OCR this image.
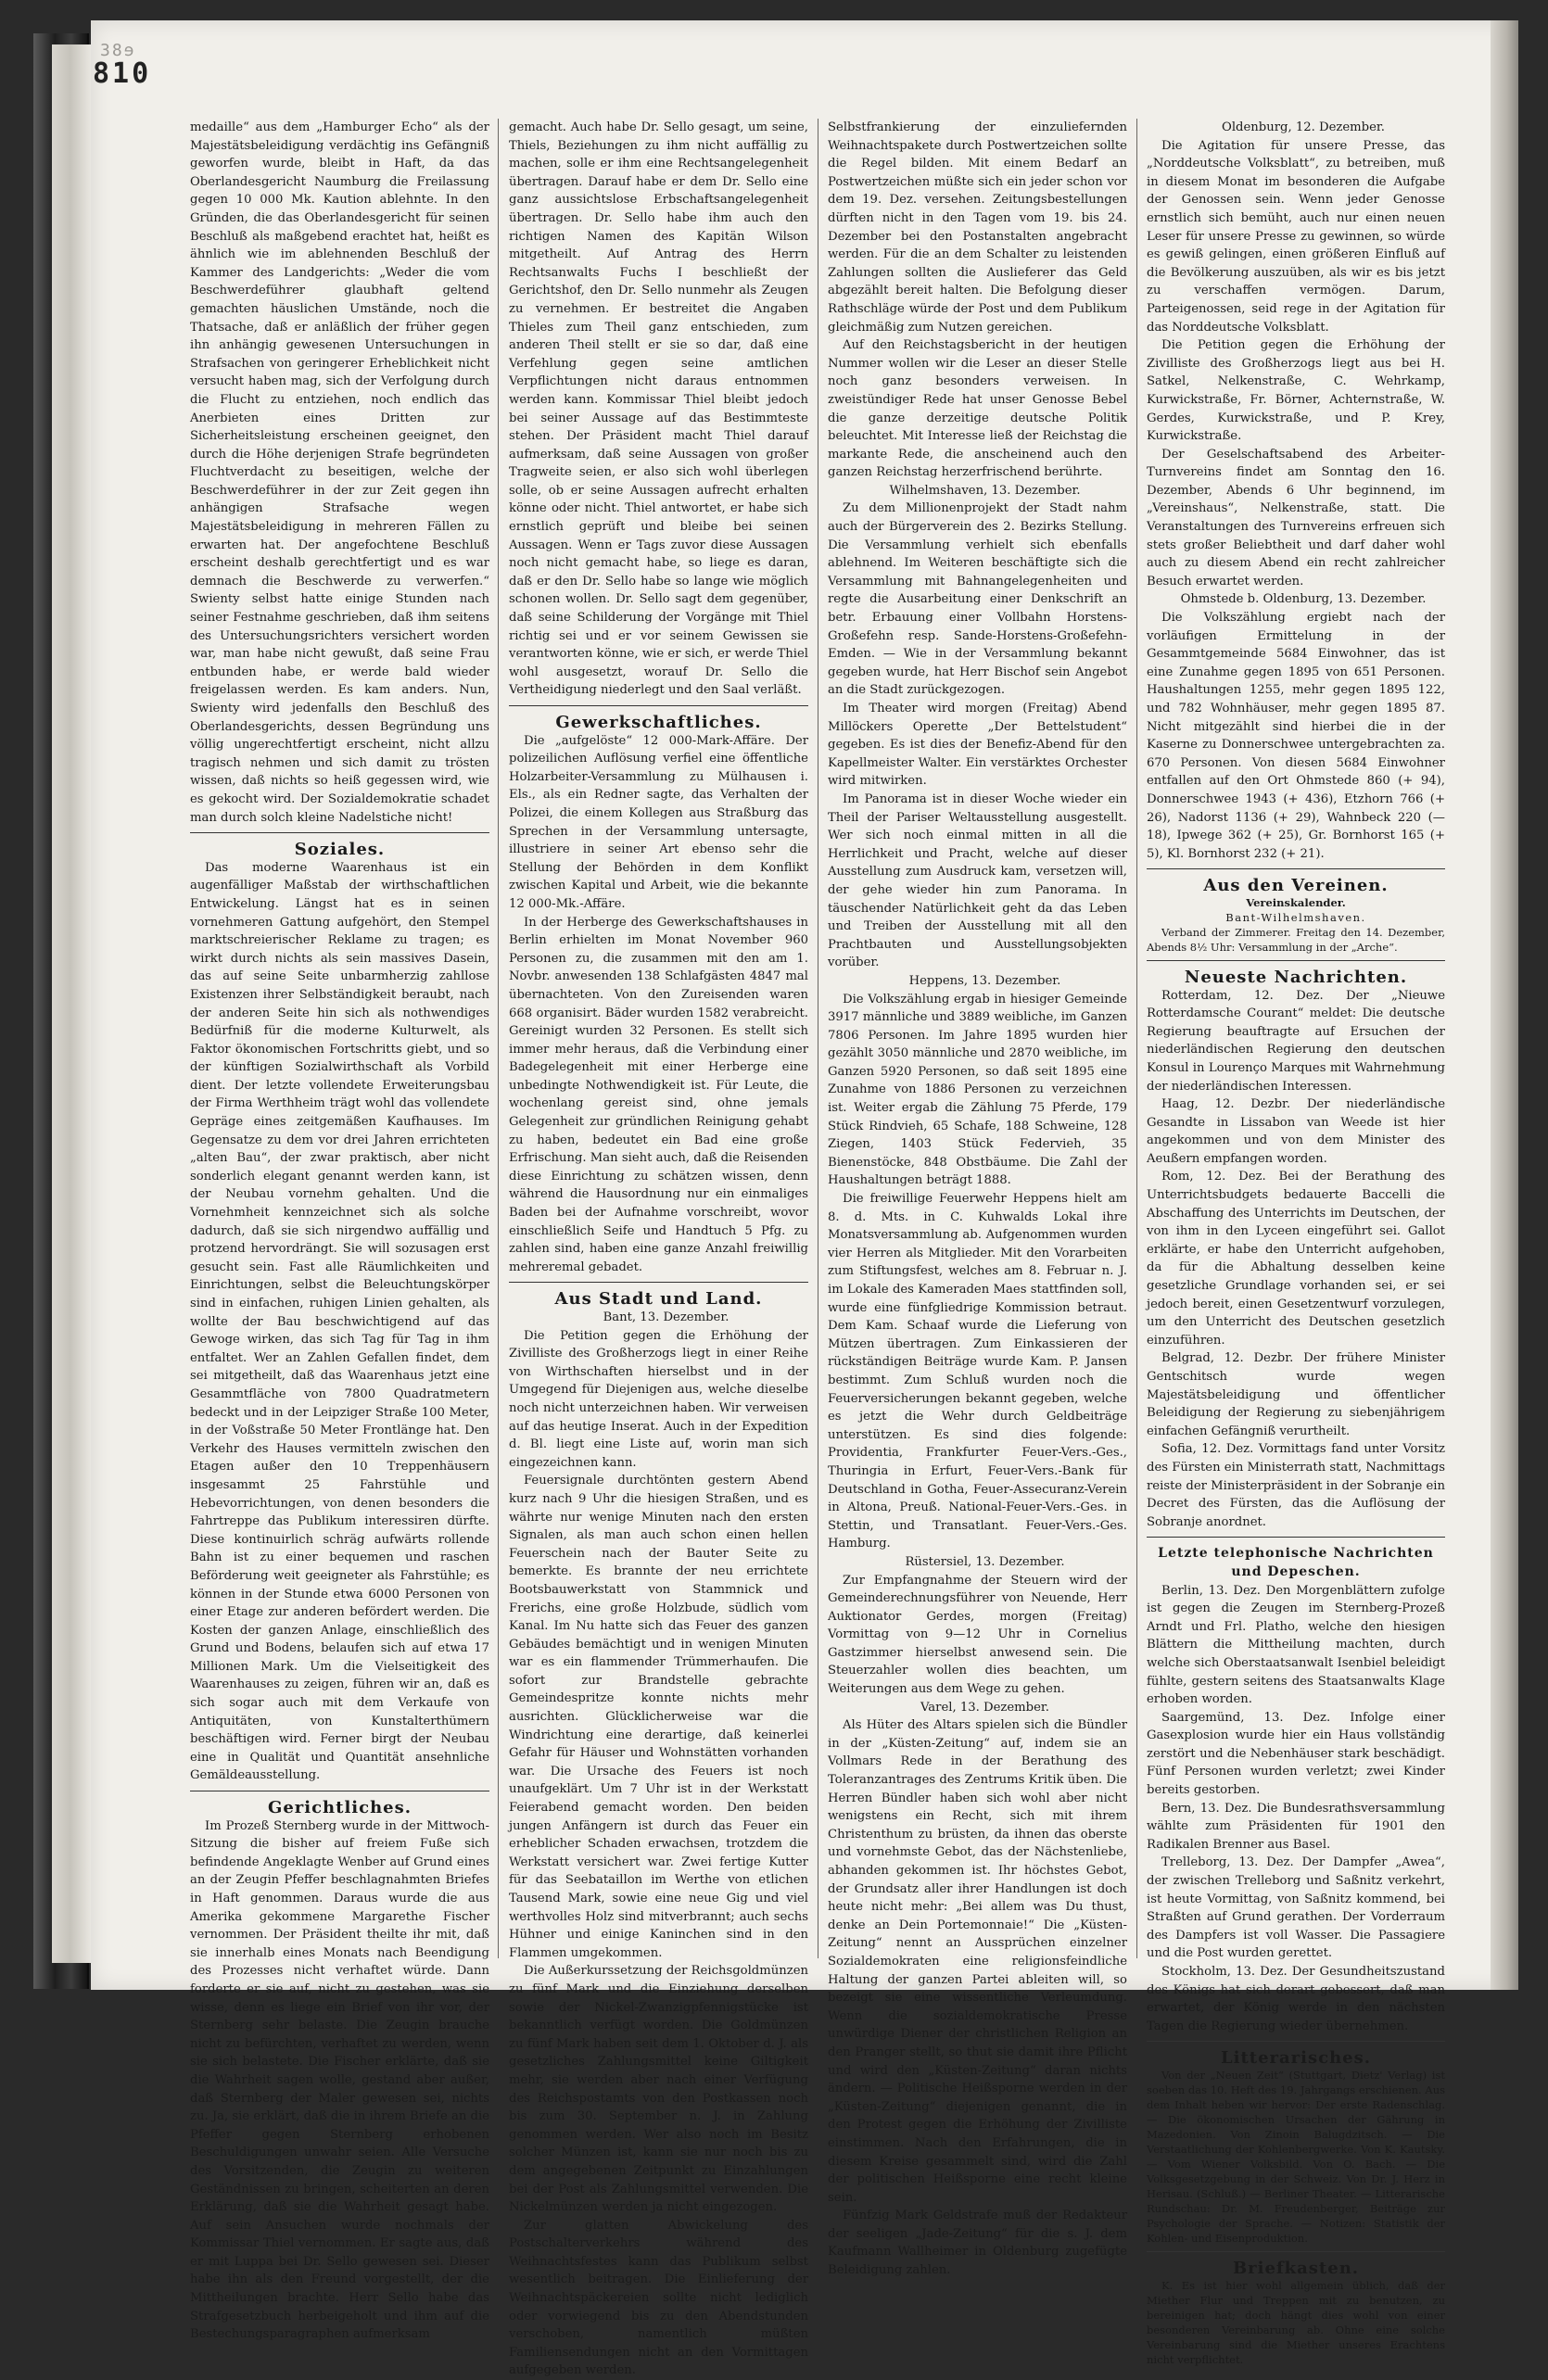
38ɘ
810

medaille“ aus dem „Hamburger Echo“ als der Majestätsbeleidigung verdächtig ins Gefängniß geworfen wurde, bleibt in Haft, da das Oberlandesgericht Naumburg die Freilassung gegen 10 000 Mk. Kaution ablehnte. In den Gründen, die das Oberlandesgericht für seinen Beschluß als maßgebend erachtet hat, heißt es ähnlich wie im ablehnenden Beschluß der Kammer des Landgerichts: „Weder die vom Beschwerdeführer glaubhaft geltend gemachten häuslichen Umstände, noch die Thatsache, daß er anläßlich der früher gegen ihn anhängig gewesenen Untersuchungen in Strafsachen von geringerer Erheblichkeit nicht versucht haben mag, sich der Verfolgung durch die Flucht zu entziehen, noch endlich das Anerbieten eines Dritten zur Sicherheitsleistung erscheinen geeignet, den durch die Höhe derjenigen Strafe begründeten Fluchtverdacht zu beseitigen, welche der Beschwerdeführer in der zur Zeit gegen ihn anhängigen Strafsache wegen Majestätsbeleidigung in mehreren Fällen zu erwarten hat. Der angefochtene Beschluß erscheint deshalb gerechtfertigt und es war demnach die Beschwerde zu verwerfen.“ Swienty selbst hatte einige Stunden nach seiner Festnahme geschrieben, daß ihm seitens des Untersuchungsrichters versichert worden war, man habe nicht gewußt, daß seine Frau entbunden habe, er werde bald wieder freigelassen werden. Es kam anders. Nun, Swienty wird jedenfalls den Beschluß des Oberlandesgerichts, dessen Begründung uns völlig ungerechtfertigt erscheint, nicht allzu tragisch nehmen und sich damit zu trösten wissen, daß nichts so heiß gegessen wird, wie es gekocht wird. Der Sozialdemokratie schadet man durch solch kleine Nadelstiche nicht!

Soziales.

Das moderne Waarenhaus ist ein augenfälliger Maßstab der wirthschaftlichen Entwickelung. Längst hat es in seinen vornehmeren Gattung aufgehört, den Stempel marktschreierischer Reklame zu tragen; es wirkt durch nichts als sein massives Dasein, das auf seine Seite unbarmherzig zahllose Existenzen ihrer Selbständigkeit beraubt, nach der anderen Seite hin sich als nothwendiges Bedürfniß für die moderne Kulturwelt, als Faktor ökonomischen Fortschritts giebt, und so der künftigen Sozialwirthschaft als Vorbild dient. Der letzte vollendete Erweiterungsbau der Firma Werthheim trägt wohl das vollendete Gepräge eines zeitgemäßen Kaufhauses. Im Gegensatze zu dem vor drei Jahren errichteten „alten Bau“, der zwar praktisch, aber nicht sonderlich elegant genannt werden kann, ist der Neubau vornehm gehalten. Und die Vornehmheit kennzeichnet sich als solche dadurch, daß sie sich nirgendwo auffällig und protzend hervordrängt. Sie will sozusagen erst gesucht sein. Fast alle Räumlichkeiten und Einrichtungen, selbst die Beleuchtungskörper sind in einfachen, ruhigen Linien gehalten, als wollte der Bau beschwichtigend auf das Gewoge wirken, das sich Tag für Tag in ihm entfaltet. Wer an Zahlen Gefallen findet, dem sei mitgetheilt, daß das Waarenhaus jetzt eine Gesammtfläche von 7800 Quadratmetern bedeckt und in der Leipziger Straße 100 Meter, in der Voßstraße 50 Meter Frontlänge hat. Den Verkehr des Hauses vermitteln zwischen den Etagen außer den 10 Treppenhäusern insgesammt 25 Fahrstühle und Hebevorrichtungen, von denen besonders die Fahrtreppe das Publikum interessiren dürfte. Diese kontinuirlich schräg aufwärts rollende Bahn ist zu einer bequemen und raschen Beförderung weit geeigneter als Fahrstühle; es können in der Stunde etwa 6000 Personen von einer Etage zur anderen befördert werden. Die Kosten der ganzen Anlage, einschließlich des Grund und Bodens, belaufen sich auf etwa 17 Millionen Mark. Um die Vielseitigkeit des Waarenhauses zu zeigen, führen wir an, daß es sich sogar auch mit dem Verkaufe von Antiquitäten, von Kunstalterthümern beschäftigen wird. Ferner birgt der Neubau eine in Qualität und Quantität ansehnliche Gemäldeausstellung.

Gerichtliches.

Im Prozeß Sternberg wurde in der Mittwoch-Sitzung die bisher auf freiem Fuße sich befindende Angeklagte Wenber auf Grund eines an der Zeugin Pfeffer beschlagnahmten Briefes in Haft genommen. Daraus wurde die aus Amerika gekommene Margarethe Fischer vernommen. Der Präsident theilte ihr mit, daß sie innerhalb eines Monats nach Beendigung des Prozesses nicht verhaftet würde. Dann forderte er sie auf, nicht zu gestehen, was sie wisse, denn es liege ein Brief von ihr vor, der Sternberg sehr belaste. Die Zeugin brauche nicht zu befürchten, verhaftet zu werden, wenn sie sich belastete. Die Fischer erklärte, daß sie die Wahrheit sagen wolle, gestand aber außer, daß Sternberg der Maler gewesen sei, nichts zu. Ja, sie erklärt, daß die in ihrem Briefe an die Pfeffer gegen Sternberg erhobenen Beschuldigungen unwahr seien. Alle Versuche des Vorsitzenden, die Zeugin zu weiteren Geständnissen zu bringen, scheiterten an deren Erklärung, daß sie die Wahrheit gesagt habe. Auf sein Ansuchen wurde nochmals der Kommissar Thiel vernommen. Er sagte aus, daß er mit Luppa bei Dr. Sello gewesen sei. Dieser habe ihn als den Freund vorgestellt, der die Mittheilungen brachte. Herr Sello habe das Strafgesetzbuch herbeigeholt und ihm auf die Bestechungsparagraphen aufmerksam

gemacht. Auch habe Dr. Sello gesagt, um seine, Thiels, Beziehungen zu ihm nicht auffällig zu machen, solle er ihm eine Rechtsangelegenheit übertragen. Darauf habe er dem Dr. Sello eine ganz aussichtslose Erbschaftsangelegenheit übertragen. Dr. Sello habe ihm auch den richtigen Namen des Kapitän Wilson mitgetheilt. Auf Antrag des Herrn Rechtsanwalts Fuchs I beschließt der Gerichtshof, den Dr. Sello nunmehr als Zeugen zu vernehmen. Er bestreitet die Angaben Thieles zum Theil ganz entschieden, zum anderen Theil stellt er sie so dar, daß eine Verfehlung gegen seine amtlichen Verpflichtungen nicht daraus entnommen werden kann. Kommissar Thiel bleibt jedoch bei seiner Aussage auf das Bestimmteste stehen. Der Präsident macht Thiel darauf aufmerksam, daß seine Aussagen von großer Tragweite seien, er also sich wohl überlegen solle, ob er seine Aussagen aufrecht erhalten könne oder nicht. Thiel antwortet, er habe sich ernstlich geprüft und bleibe bei seinen Aussagen. Wenn er Tags zuvor diese Aussagen noch nicht gemacht habe, so liege es daran, daß er den Dr. Sello habe so lange wie möglich schonen wollen. Dr. Sello sagt dem gegenüber, daß seine Schilderung der Vorgänge mit Thiel richtig sei und er vor seinem Gewissen sie verantworten könne, wie er sich, er werde Thiel wohl ausgesetzt, worauf Dr. Sello die Vertheidigung niederlegt und den Saal verläßt.

Gewerkschaftliches.

Die „aufgelöste“ 12 000-Mark-Affäre. Der polizeilichen Auflösung verfiel eine öffentliche Holzarbeiter-Versammlung zu Mülhausen i. Els., als ein Redner sagte, das Verhalten der Polizei, die einem Kollegen aus Straßburg das Sprechen in der Versammlung untersagte, illustriere in seiner Art ebenso sehr die Stellung der Behörden in dem Konflikt zwischen Kapital und Arbeit, wie die bekannte 12 000-Mk.-Affäre.

In der Herberge des Gewerkschaftshauses in Berlin erhielten im Monat November 960 Personen zu, die zusammen mit den am 1. Novbr. anwesenden 138 Schlafgästen 4847 mal übernachteten. Von den Zureisenden waren 668 organisirt. Bäder wurden 1582 verabreicht. Gereinigt wurden 32 Personen. Es stellt sich immer mehr heraus, daß die Verbindung einer Badegelegenheit mit einer Herberge eine unbedingte Nothwendigkeit ist. Für Leute, die wochenlang gereist sind, ohne jemals Gelegenheit zur gründlichen Reinigung gehabt zu haben, bedeutet ein Bad eine große Erfrischung. Man sieht auch, daß die Reisenden diese Einrichtung zu schätzen wissen, denn während die Hausordnung nur ein einmaliges Baden bei der Aufnahme vorschreibt, wovor einschließlich Seife und Handtuch 5 Pfg. zu zahlen sind, haben eine ganze Anzahl freiwillig mehreremal gebadet.

Aus Stadt und Land.

Bant, 13. Dezember.

Die Petition gegen die Erhöhung der Zivilliste des Großherzogs liegt in einer Reihe von Wirthschaften hierselbst und in der Umgegend für Diejenigen aus, welche dieselbe noch nicht unterzeichnen haben. Wir verweisen auf das heutige Inserat. Auch in der Expedition d. Bl. liegt eine Liste auf, worin man sich eingezeichnen kann.

Feuersignale durchtönten gestern Abend kurz nach 9 Uhr die hiesigen Straßen, und es währte nur wenige Minuten nach den ersten Signalen, als man auch schon einen hellen Feuerschein nach der Bauter Seite zu bemerkte. Es brannte der neu errichtete Bootsbauwerkstatt von Stammnick und Frerichs, eine große Holzbude, südlich vom Kanal. Im Nu hatte sich das Feuer des ganzen Gebäudes bemächtigt und in wenigen Minuten war es ein flammender Trümmerhaufen. Die sofort zur Brandstelle gebrachte Gemeindespritze konnte nichts mehr ausrichten. Glücklicherweise war die Windrichtung eine derartige, daß keinerlei Gefahr für Häuser und Wohnstätten vorhanden war. Die Ursache des Feuers ist noch unaufgeklärt. Um 7 Uhr ist in der Werkstatt Feierabend gemacht worden. Den beiden jungen Anfängern ist durch das Feuer ein erheblicher Schaden erwachsen, trotzdem die Werkstatt versichert war. Zwei fertige Kutter für das Seebataillon im Werthe von etlichen Tausend Mark, sowie eine neue Gig und viel werthvolles Holz sind mitverbrannt; auch sechs Hühner und einige Kaninchen sind in den Flammen umgekommen.

Die Außerkurssetzung der Reichsgoldmünzen zu fünf Mark und die Einziehung derselben sowie der Nickel-Zwanzigpfennigstücke ist bekanntlich verfügt worden. Die Goldmünzen zu fünf Mark haben seit dem 1. Oktober d. J. als gesetzliches Zahlungsmittel keine Giltigkeit mehr, sie werden aber nach einer Verfügung des Reichspostamts von den Postkassen noch bis zum 30. September n. J. in Zahlung genommen werden. Wer also noch im Besitz solcher Münzen ist, kann sie nur noch bis zu dem angegebenen Zeitpunkt zu Einzahlungen bei der Post als Zahlungsmittel verwenden. Die Nickelmünzen werden ja nicht eingezogen.

Zur glatten Abwickelung des Postschalterverkehrs während des Weihnachtsfestes kann das Publikum selbst wesentlich beitragen. Die Einlieferung der Weihnachtspäckereien sollte nicht lediglich oder vorwiegend bis zu den Abendstunden verschoben, namentlich müßten Familiensendungen nicht an den Vormittagen aufgegeben werden.

Selbstfrankierung der einzuliefernden Weihnachtspakete durch Postwertzeichen sollte die Regel bilden. Mit einem Bedarf an Postwertzeichen müßte sich ein jeder schon vor dem 19. Dez. versehen. Zeitungsbestellungen dürften nicht in den Tagen vom 19. bis 24. Dezember bei den Postanstalten angebracht werden. Für die an dem Schalter zu leistenden Zahlungen sollten die Auslieferer das Geld abgezählt bereit halten. Die Befolgung dieser Rathschläge würde der Post und dem Publikum gleichmäßig zum Nutzen gereichen.

Auf den Reichstagsbericht in der heutigen Nummer wollen wir die Leser an dieser Stelle noch ganz besonders verweisen. In zweistündiger Rede hat unser Genosse Bebel die ganze derzeitige deutsche Politik beleuchtet. Mit Interesse ließ der Reichstag die markante Rede, die anscheinend auch den ganzen Reichstag herzerfrischend berührte.

Wilhelmshaven, 13. Dezember.

Zu dem Millionenprojekt der Stadt nahm auch der Bürgerverein des 2. Bezirks Stellung. Die Versammlung verhielt sich ebenfalls ablehnend. Im Weiteren beschäftigte sich die Versammlung mit Bahnangelegenheiten und regte die Ausarbeitung einer Denkschrift an betr. Erbauung einer Vollbahn Horstens-Großefehn resp. Sande-Horstens-Großefehn-Emden. — Wie in der Versammlung bekannt gegeben wurde, hat Herr Bischof sein Angebot an die Stadt zurückgezogen.

Im Theater wird morgen (Freitag) Abend Millöckers Operette „Der Bettelstudent“ gegeben. Es ist dies der Benefiz-Abend für den Kapellmeister Walter. Ein verstärktes Orchester wird mitwirken.

Im Panorama ist in dieser Woche wieder ein Theil der Pariser Weltausstellung ausgestellt. Wer sich noch einmal mitten in all die Herrlichkeit und Pracht, welche auf dieser Ausstellung zum Ausdruck kam, versetzen will, der gehe wieder hin zum Panorama. In täuschender Natürlichkeit geht da das Leben und Treiben der Ausstellung mit all den Prachtbauten und Ausstellungsobjekten vorüber.

Heppens, 13. Dezember.

Die Volkszählung ergab in hiesiger Gemeinde 3917 männliche und 3889 weibliche, im Ganzen 7806 Personen. Im Jahre 1895 wurden hier gezählt 3050 männliche und 2870 weibliche, im Ganzen 5920 Personen, so daß seit 1895 eine Zunahme von 1886 Personen zu verzeichnen ist. Weiter ergab die Zählung 75 Pferde, 179 Stück Rindvieh, 65 Schafe, 188 Schweine, 128 Ziegen, 1403 Stück Federvieh, 35 Bienenstöcke, 848 Obstbäume. Die Zahl der Haushaltungen beträgt 1888.

Die freiwillige Feuerwehr Heppens hielt am 8. d. Mts. in C. Kuhwalds Lokal ihre Monatsversammlung ab. Aufgenommen wurden vier Herren als Mitglieder. Mit den Vorarbeiten zum Stiftungsfest, welches am 8. Februar n. J. im Lokale des Kameraden Maes stattfinden soll, wurde eine fünfgliedrige Kommission betraut. Dem Kam. Schaaf wurde die Lieferung von Mützen übertragen. Zum Einkassieren der rückständigen Beiträge wurde Kam. P. Jansen bestimmt. Zum Schluß wurden noch die Feuerversicherungen bekannt gegeben, welche es jetzt die Wehr durch Geldbeiträge unterstützen. Es sind dies folgende: Providentia, Frankfurter Feuer-Vers.-Ges., Thuringia in Erfurt, Feuer-Vers.-Bank für Deutschland in Gotha, Feuer-Assecuranz-Verein in Altona, Preuß. National-Feuer-Vers.-Ges. in Stettin, und Transatlant. Feuer-Vers.-Ges. Hamburg.

Rüstersiel, 13. Dezember.

Zur Empfangnahme der Steuern wird der Gemeinderechnungsführer von Neuende, Herr Auktionator Gerdes, morgen (Freitag) Vormittag von 9—12 Uhr in Cornelius Gastzimmer hierselbst anwesend sein. Die Steuerzahler wollen dies beachten, um Weiterungen aus dem Wege zu gehen.

Varel, 13. Dezember.

Als Hüter des Altars spielen sich die Bündler in der „Küsten-Zeitung“ auf, indem sie an Vollmars Rede in der Berathung des Toleranzantrages des Zentrums Kritik üben. Die Herren Bündler haben sich wohl aber nicht wenigstens ein Recht, sich mit ihrem Christenthum zu brüsten, da ihnen das oberste und vornehmste Gebot, das der Nächstenliebe, abhanden gekommen ist. Ihr höchstes Gebot, der Grundsatz aller ihrer Handlungen ist doch heute nicht mehr: „Bei allem was Du thust, denke an Dein Portemonnaie!“ Die „Küsten-Zeitung“ nennt an Aussprüchen einzelner Sozialdemokraten eine religionsfeindliche Haltung der ganzen Partei ableiten will, so bezeigt sie eine wissentliche Verleumdung. Wenn die sozialdemokratische Presse unwürdige Diener der christlichen Religion an den Pranger stellt, so thut sie damit ihre Pflicht und wird den „Küsten-Zeitung“ daran nichts ändern. — Politische Heißsporne werden in der „Küsten-Zeitung“ diejenigen genannt, die in den Protest gegen die Erhöhung der Zivilliste einstimmen. Nach den Erfahrungen, die in diesem Kreise gesammelt sind, wird die Zahl der politischen Heißsporne eine recht kleine sein.

Fünfzig Mark Geldstrafe muß der Redakteur der seeligen „Jade-Zeitung“ für die s. J. dem Kaufmann Wallheimer in Oldenburg zugefügte Beleidigung zahlen.

Oldenburg, 12. Dezember.

Die Agitation für unsere Presse, das „Norddeutsche Volksblatt“, zu betreiben, muß in diesem Monat im besonderen die Aufgabe der Genossen sein. Wenn jeder Genosse ernstlich sich bemüht, auch nur einen neuen Leser für unsere Presse zu gewinnen, so würde es gewiß gelingen, einen größeren Einfluß auf die Bevölkerung auszuüben, als wir es bis jetzt zu verschaffen vermögen. Darum, Parteigenossen, seid rege in der Agitation für das Norddeutsche Volksblatt.

Die Petition gegen die Erhöhung der Zivilliste des Großherzogs liegt aus bei H. Satkel, Nelkenstraße, C. Wehrkamp, Kurwickstraße, Fr. Börner, Achternstraße, W. Gerdes, Kurwickstraße, und P. Krey, Kurwickstraße.

Der Geselschaftsabend des Arbeiter-Turnvereins findet am Sonntag den 16. Dezember, Abends 6 Uhr beginnend, im „Vereinshaus“, Nelkenstraße, statt. Die Veranstaltungen des Turnvereins erfreuen sich stets großer Beliebtheit und darf daher wohl auch zu diesem Abend ein recht zahlreicher Besuch erwartet werden.

Ohmstede b. Oldenburg, 13. Dezember.

Die Volkszählung ergiebt nach der vorläufigen Ermittelung in der Gesammtgemeinde 5684 Einwohner, das ist eine Zunahme gegen 1895 von 651 Personen. Haushaltungen 1255, mehr gegen 1895 122, und 782 Wohnhäuser, mehr gegen 1895 87. Nicht mitgezählt sind hierbei die in der Kaserne zu Donnerschwee untergebrachten za. 670 Personen. Von diesen 5684 Einwohner entfallen auf den Ort Ohmstede 860 (+ 94), Donnerschwee 1943 (+ 436), Etzhorn 766 (+ 26), Nadorst 1136 (+ 29), Wahnbeck 220 (— 18), Ipwege 362 (+ 25), Gr. Bornhorst 165 (+ 5), Kl. Bornhorst 232 (+ 21).

Aus den Vereinen.

Vereinskalender.

Bant-Wilhelmshaven.

Verband der Zimmerer. Freitag den 14. Dezember, Abends 8½ Uhr: Versammlung in der „Arche“.

Neueste Nachrichten.

Rotterdam, 12. Dez. Der „Nieuwe Rotterdamsche Courant“ meldet: Die deutsche Regierung beauftragte auf Ersuchen der niederländischen Regierung den deutschen Konsul in Lourenço Marques mit Wahrnehmung der niederländischen Interessen.

Haag, 12. Dezbr. Der niederländische Gesandte in Lissabon van Weede ist hier angekommen und von dem Minister des Aeußern empfangen worden.

Rom, 12. Dez. Bei der Berathung des Unterrichtsbudgets bedauerte Baccelli die Abschaffung des Unterrichts im Deutschen, der von ihm in den Lyceen eingeführt sei. Gallot erklärte, er habe den Unterricht aufgehoben, da für die Abhaltung desselben keine gesetzliche Grundlage vorhanden sei, er sei jedoch bereit, einen Gesetzentwurf vorzulegen, um den Unterricht des Deutschen gesetzlich einzuführen.

Belgrad, 12. Dezbr. Der frühere Minister Gentschitsch wurde wegen Majestätsbeleidigung und öffentlicher Beleidigung der Regierung zu siebenjährigem einfachen Gefängniß verurtheilt.

Sofia, 12. Dez. Vormittags fand unter Vorsitz des Fürsten ein Ministerrath statt, Nachmittags reiste der Ministerpräsident in der Sobranje ein Decret des Fürsten, das die Auflösung der Sobranje anordnet.

Letzte telephonische Nachrichten und Depeschen.

Berlin, 13. Dez. Den Morgenblättern zufolge ist gegen die Zeugen im Sternberg-Prozeß Arndt und Frl. Platho, welche den hiesigen Blättern die Mittheilung machten, durch welche sich Oberstaatsanwalt Isenbiel beleidigt fühlte, gestern seitens des Staatsanwalts Klage erhoben worden.

Saargemünd, 13. Dez. Infolge einer Gasexplosion wurde hier ein Haus vollständig zerstört und die Nebenhäuser stark beschädigt. Fünf Personen wurden verletzt; zwei Kinder bereits gestorben.

Bern, 13. Dez. Die Bundesrathsversammlung wählte zum Präsidenten für 1901 den Radikalen Brenner aus Basel.

Trelleborg, 13. Dez. Der Dampfer „Awea“, der zwischen Trelleborg und Saßnitz verkehrt, ist heute Vormittag, von Saßnitz kommend, bei Straßten auf Grund gerathen. Der Vorderraum des Dampfers ist voll Wasser. Die Passagiere und die Post wurden gerettet.

Stockholm, 13. Dez. Der Gesundheitszustand des Königs hat sich derart gebessert, daß man erwartet, der König werde in den nächsten Tagen die Regierung wieder übernehmen.

Litterarisches.

Von der „Neuen Zeit“ (Stuttgart, Dietz' Verlag) ist soeben das 10. Heft des 19. Jahrgangs erschienen. Aus dem Inhalt heben wir hervor: Der erste Radenschlag. — Die ökonomischen Ursachen der Gährung in Mazedonien. Von Zinoin Balugdzitsch. — Die Verstaatlichung der Kohlenbergwerke. Von K. Kautsky. — Vom Wiener Volksbild. Von O. Bach. — Die Volksgesetzgebung in der Schweiz. Von Dr. J. Herz in Herisau. (Schluß.) — Berliner Theater. — Litterarische Rundschau: Dr. M. Freudenberger, Beiträge zur Psychologie der Sprache. — Notizen: Statistik der Kohlen- und Eisenproduktion.

Briefkasten.

K. Es ist hier wohl allgemein üblich, daß der Miether Flur und Treppen mit zu benutzen, zu bereinigen hat; doch hängt dies wohl von einer besonderen Vereinbarung ab. Ohne eine solche Vereinbarung sind die Miether unseres Erachtens nicht verpflichtet.
